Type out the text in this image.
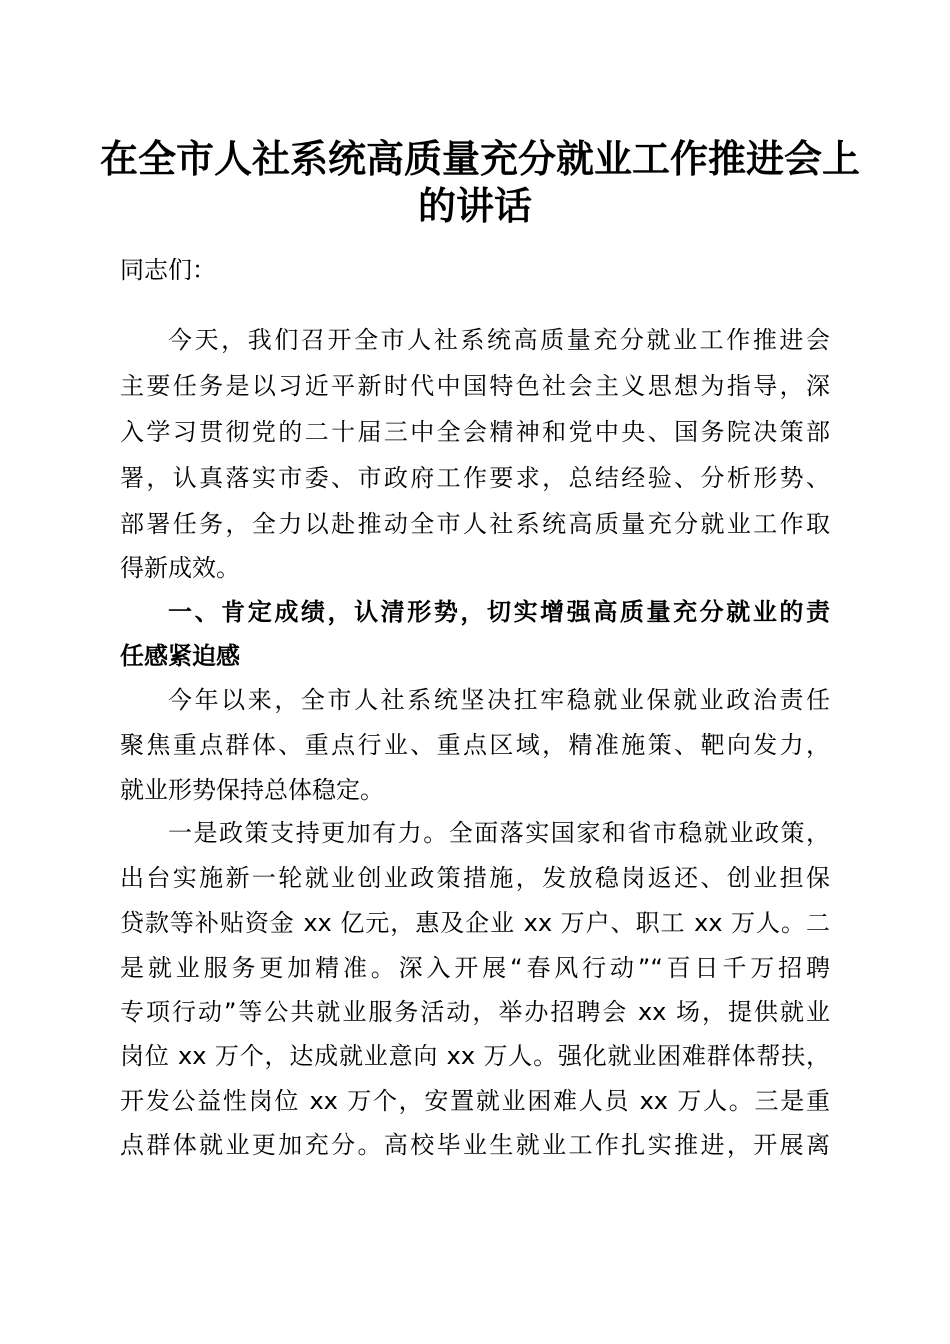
在全市人社系统高质量充分就业工作推进会上
的讲话
同志们：
今天，我们召开全市人社系统高质量充分就业工作推进会
主要任务是以习近平新时代中国特色社会主义思想为指导，深
入学习贯彻党的二十届三中全会精神和党中央、国务院决策部
署，认真落实市委、市政府工作要求，总结经验、分析形势、
部署任务，全力以赴推动全市人社系统高质量充分就业工作取
得新成效。
一、肯定成绩，认清形势，切实增强高质量充分就业的责
任感紧迫感
今年以来，全市人社系统坚决扛牢稳就业保就业政治责任
聚焦重点群体、重点行业、重点区域，精准施策、靶向发力，
就业形势保持总体稳定。
一是政策支持更加有力。全面落实国家和省市稳就业政策，
出台实施新一轮就业创业政策措施，发放稳岗返还、创业担保
贷款等补贴资金 xx 亿元，惠及企业 xx 万户、职工 xx 万人。二
是就业服务更加精准。深入开展“春风行动”“百日千万招聘
专项行动”等公共就业服务活动，举办招聘会 xx 场，提供就业
岗位 xx 万个，达成就业意向 xx 万人。强化就业困难群体帮扶，
开发公益性岗位 xx 万个，安置就业困难人员 xx 万人。三是重
点群体就业更加充分。高校毕业生就业工作扎实推进，开展离
